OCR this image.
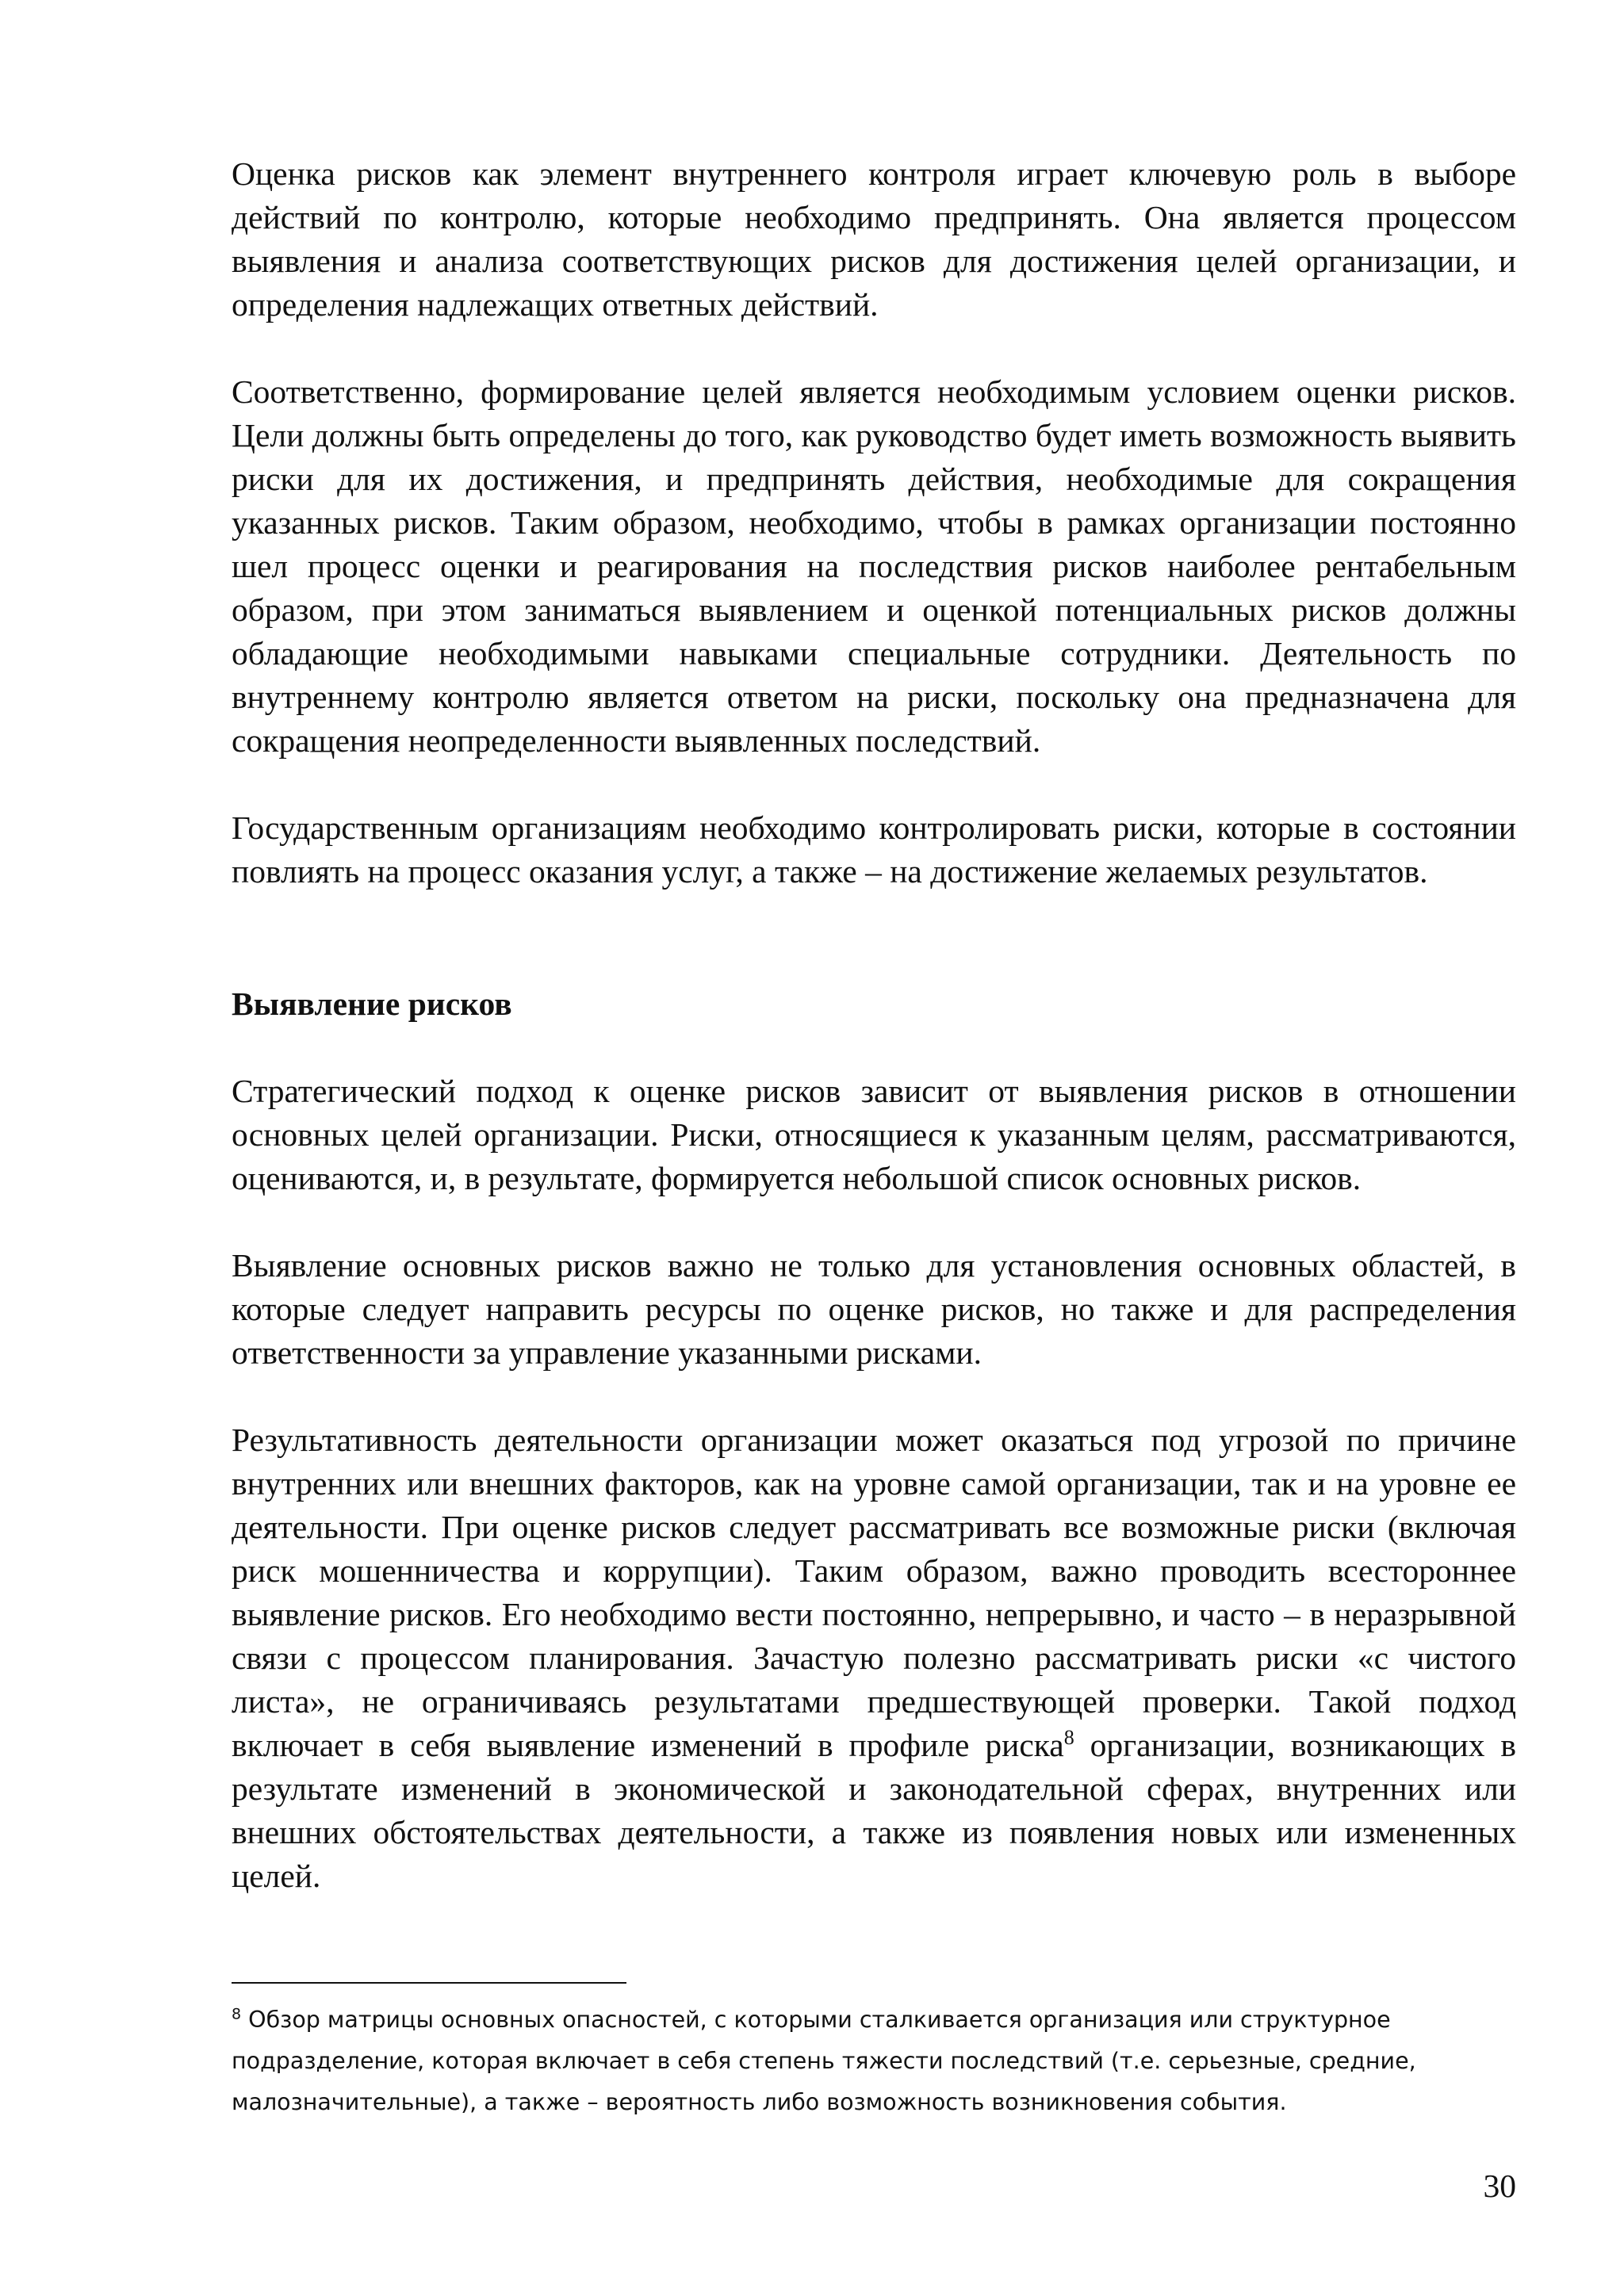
Оценка рисков как элемент внутреннего контроля играет ключевую роль в выборе действий по контролю, которые необходимо предпринять. Она является процессом выявления и анализа соответствующих рисков для достижения целей организации, и определения надлежащих ответных действий.

Соответственно, формирование целей является необходимым условием оценки рисков. Цели должны быть определены до того, как руководство будет иметь возможность выявить риски для их достижения, и предпринять действия, необходимые для сокращения указанных рисков. Таким образом, необходимо, чтобы в рамках организации постоянно шел процесс оценки и реагирования на последствия рисков наиболее рентабельным образом, при этом заниматься выявлением и оценкой потенциальных рисков должны обладающие необходимыми навыками специальные сотрудники. Деятельность по внутреннему контролю является ответом на риски, поскольку она предназначена для сокращения неопределенности выявленных последствий.

Государственным организациям необходимо контролировать риски, которые в состоянии повлиять на процесс оказания услуг, а также – на достижение желаемых результатов.

Выявление рисков

Стратегический подход к оценке рисков зависит от выявления рисков в отношении основных целей организации. Риски, относящиеся к указанным целям, рассматриваются, оцениваются, и, в результате, формируется небольшой список основных рисков.

Выявление основных рисков важно не только для установления основных областей, в которые следует направить ресурсы по оценке рисков, но также и для распределения ответственности за управление указанными рисками.

Результативность деятельности организации может оказаться под угрозой по причине внутренних или внешних факторов, как на уровне самой организации, так и на уровне ее деятельности. При оценке рисков следует рассматривать все возможные риски (включая риск мошенничества и коррупции). Таким образом, важно проводить всестороннее выявление рисков. Его необходимо вести постоянно, непрерывно, и часто – в неразрывной связи с процессом планирования. Зачастую полезно рассматривать риски «с чистого листа», не ограничиваясь результатами предшествующей проверки. Такой подход включает в себя выявление изменений в профиле риска$^8$ организации, возникающих в результате изменений в экономической и законодательной сферах, внутренних или внешних обстоятельствах деятельности, а также из появления новых или измененных целей.

$^8$ Обзор матрицы основных опасностей, с которыми сталкивается организация или структурное подразделение, которая включает в себя степень тяжести последствий (т.е. серьезные, средние, малозначительные), а также – вероятность либо возможность возникновения события.

30
